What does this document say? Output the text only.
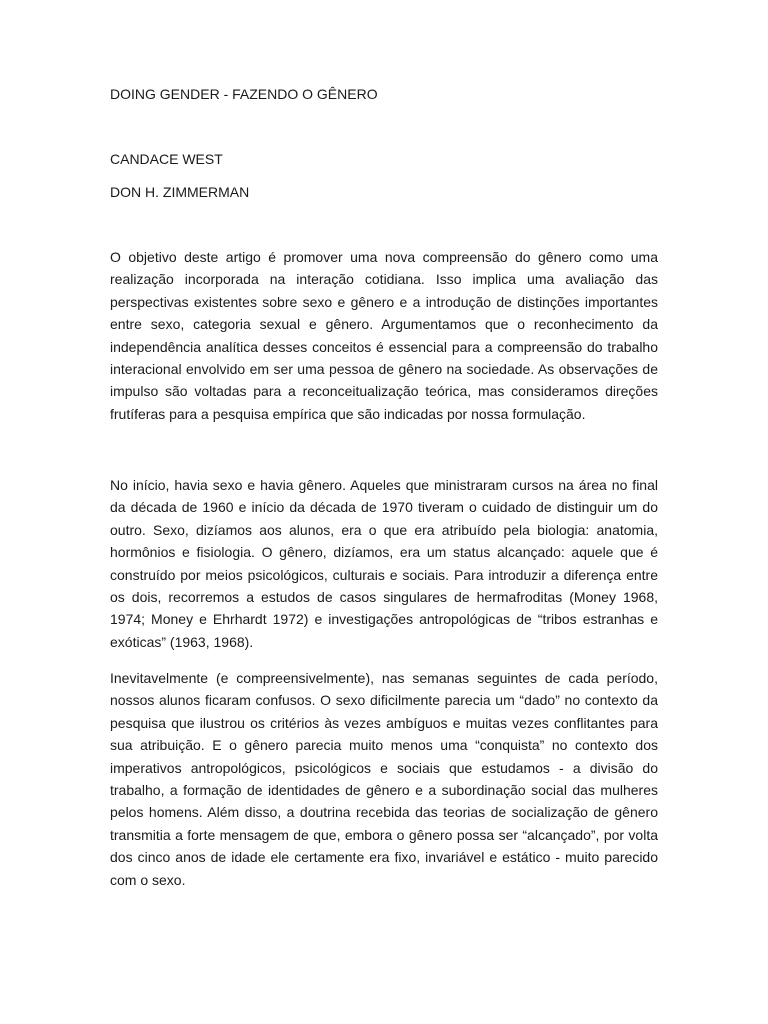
DOING GENDER - FAZENDO O GÊNERO
CANDACE WEST
DON H. ZIMMERMAN

O objetivo deste artigo é promover uma nova compreensão do gênero como uma realização incorporada na interação cotidiana. Isso implica uma avaliação das perspectivas existentes sobre sexo e gênero e a introdução de distinções importantes entre sexo, categoria sexual e gênero. Argumentamos que o reconhecimento da independência analítica desses conceitos é essencial para a compreensão do trabalho interacional envolvido em ser uma pessoa de gênero na sociedade. As observações de impulso são voltadas para a reconceitualização teórica, mas consideramos direções frutíferas para a pesquisa empírica que são indicadas por nossa formulação.

No início, havia sexo e havia gênero. Aqueles que ministraram cursos na área no final da década de 1960 e início da década de 1970 tiveram o cuidado de distinguir um do outro. Sexo, dizíamos aos alunos, era o que era atribuído pela biologia: anatomia, hormônios e fisiologia. O gênero, dizíamos, era um status alcançado: aquele que é construído por meios psicológicos, culturais e sociais. Para introduzir a diferença entre os dois, recorremos a estudos de casos singulares de hermafroditas (Money 1968, 1974; Money e Ehrhardt 1972) e investigações antropológicas de “tribos estranhas e exóticas” (1963, 1968).

Inevitavelmente (e compreensivelmente), nas semanas seguintes de cada período, nossos alunos ficaram confusos. O sexo dificilmente parecia um “dado” no contexto da pesquisa que ilustrou os critérios às vezes ambíguos e muitas vezes conflitantes para sua atribuição. E o gênero parecia muito menos uma “conquista” no contexto dos imperativos antropológicos, psicológicos e sociais que estudamos - a divisão do trabalho, a formação de identidades de gênero e a subordinação social das mulheres pelos homens. Além disso, a doutrina recebida das teorias de socialização de gênero transmitia a forte mensagem de que, embora o gênero possa ser “alcançado”, por volta dos cinco anos de idade ele certamente era fixo, invariável e estático - muito parecido com o sexo.
